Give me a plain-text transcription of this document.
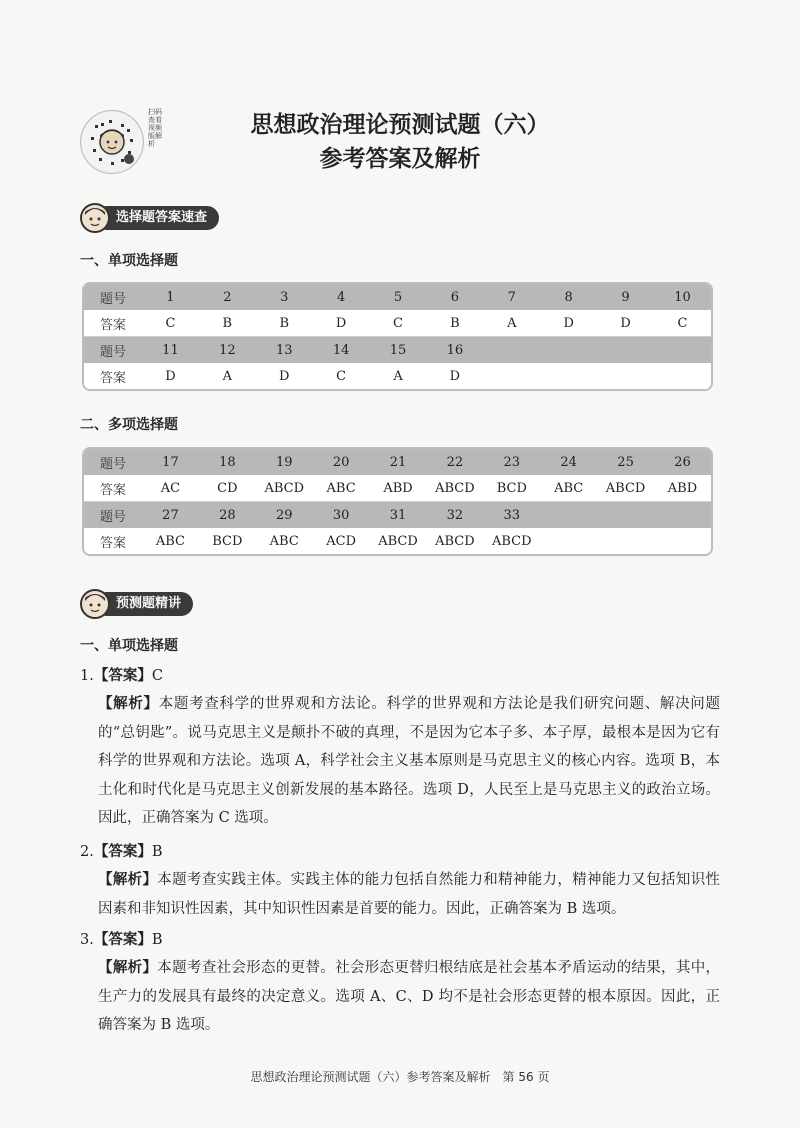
扫码查看视频版解析
思想政治理论预测试题（六）
参考答案及解析
选择题答案速查
一、单项选择题
题号	1	2	3	4	5	6	7	8	9	10
答案	C	B	B	D	C	B	A	D	D	C
题号	11	12	13	14	15	16
答案	D	A	D	C	A	D
二、多项选择题
题号	17	18	19	20	21	22	23	24	25	26
答案	AC	CD	ABCD	ABC	ABD	ABCD	BCD	ABC	ABCD	ABD
题号	27	28	29	30	31	32	33
答案	ABC	BCD	ABC	ACD	ABCD	ABCD	ABCD
预测题精讲
一、单项选择题
1.【答案】C
【解析】本题考查科学的世界观和方法论。科学的世界观和方法论是我们研究问题、解决问题的“总钥匙”。说马克思主义是颠扑不破的真理，不是因为它本子多、本子厚，最根本是因为它有科学的世界观和方法论。选项 A，科学社会主义基本原则是马克思主义的核心内容。选项 B，本土化和时代化是马克思主义创新发展的基本路径。选项 D，人民至上是马克思主义的政治立场。因此，正确答案为 C 选项。
2.【答案】B
【解析】本题考查实践主体。实践主体的能力包括自然能力和精神能力，精神能力又包括知识性因素和非知识性因素，其中知识性因素是首要的能力。因此，正确答案为 B 选项。
3.【答案】B
【解析】本题考查社会形态的更替。社会形态更替归根结底是社会基本矛盾运动的结果，其中，生产力的发展具有最终的决定意义。选项 A、C、D 均不是社会形态更替的根本原因。因此，正确答案为 B 选项。
思想政治理论预测试题（六）参考答案及解析　第 56 页
